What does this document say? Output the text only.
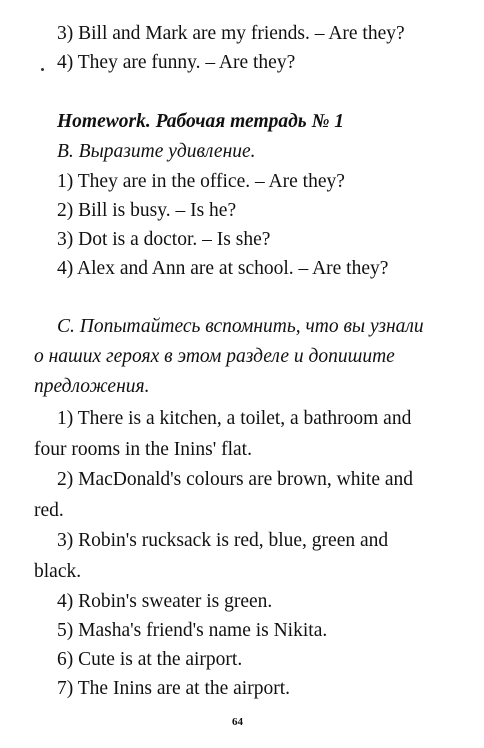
3) Bill and Mark are my friends. – Are they?
4) They are funny. – Are they?
Homework. Рабочая тетрадь № 1
B. Выразите удивление.
1) They are in the office. – Are they?
2) Bill is busy. – Is he?
3) Dot is a doctor. – Is she?
4) Alex and Ann are at school. – Are they?
С. Попытайтесь вспомнить, что вы узнали
о наших героях в этом разделе и допишите
предложения.
1) There is a kitchen, a toilet, a bathroom and
four rooms in the Inins' flat.
2) MacDonald's colours are brown, white and
red.
3) Robin's rucksack is red, blue, green and
black.
4) Robin's sweater is green.
5) Masha's friend's name is Nikita.
6) Cute is at the airport.
7) The Inins are at the airport.
64
